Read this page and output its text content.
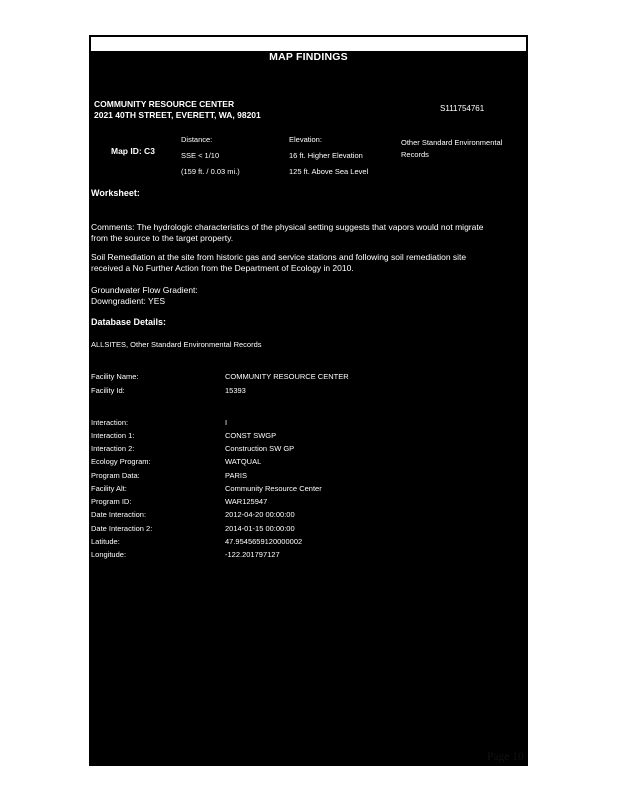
MAP FINDINGS
COMMUNITY RESOURCE CENTER
2021 40TH STREET, EVERETT, WA, 98201
S111754761
Map ID: C3
Distance:
SSE < 1/10
(159 ft. / 0.03 mi.)
Elevation:
16 ft. Higher Elevation
125 ft. Above Sea Level
Other Standard Environmental
Records
Worksheet:
Comments: The hydrologic characteristics of the physical setting suggests that vapors would not migrate
from the source to the target property.
Soil Remediation at the site from historic gas and service stations and following soil remediation site
received a No Further Action from the Department of Ecology in 2010.
Groundwater Flow Gradient:
Downgradient: YES
Database Details:
ALLSITES, Other Standard Environmental Records
Facility Name:	COMMUNITY RESOURCE CENTER
Facility Id:	15393
Interaction:	I
Interaction 1:	CONST SWGP
Interaction 2:	Construction SW GP
Ecology Program:	WATQUAL
Program Data:	PARIS
Facility Alt:	Community Resource Center
Program ID:	WAR125947
Date Interaction:	2012-04-20 00:00:00
Date Interaction 2:	2014-01-15 00:00:00
Latitude:	47.9545659120000002
Longitude:	-122.201797127
Page 10
